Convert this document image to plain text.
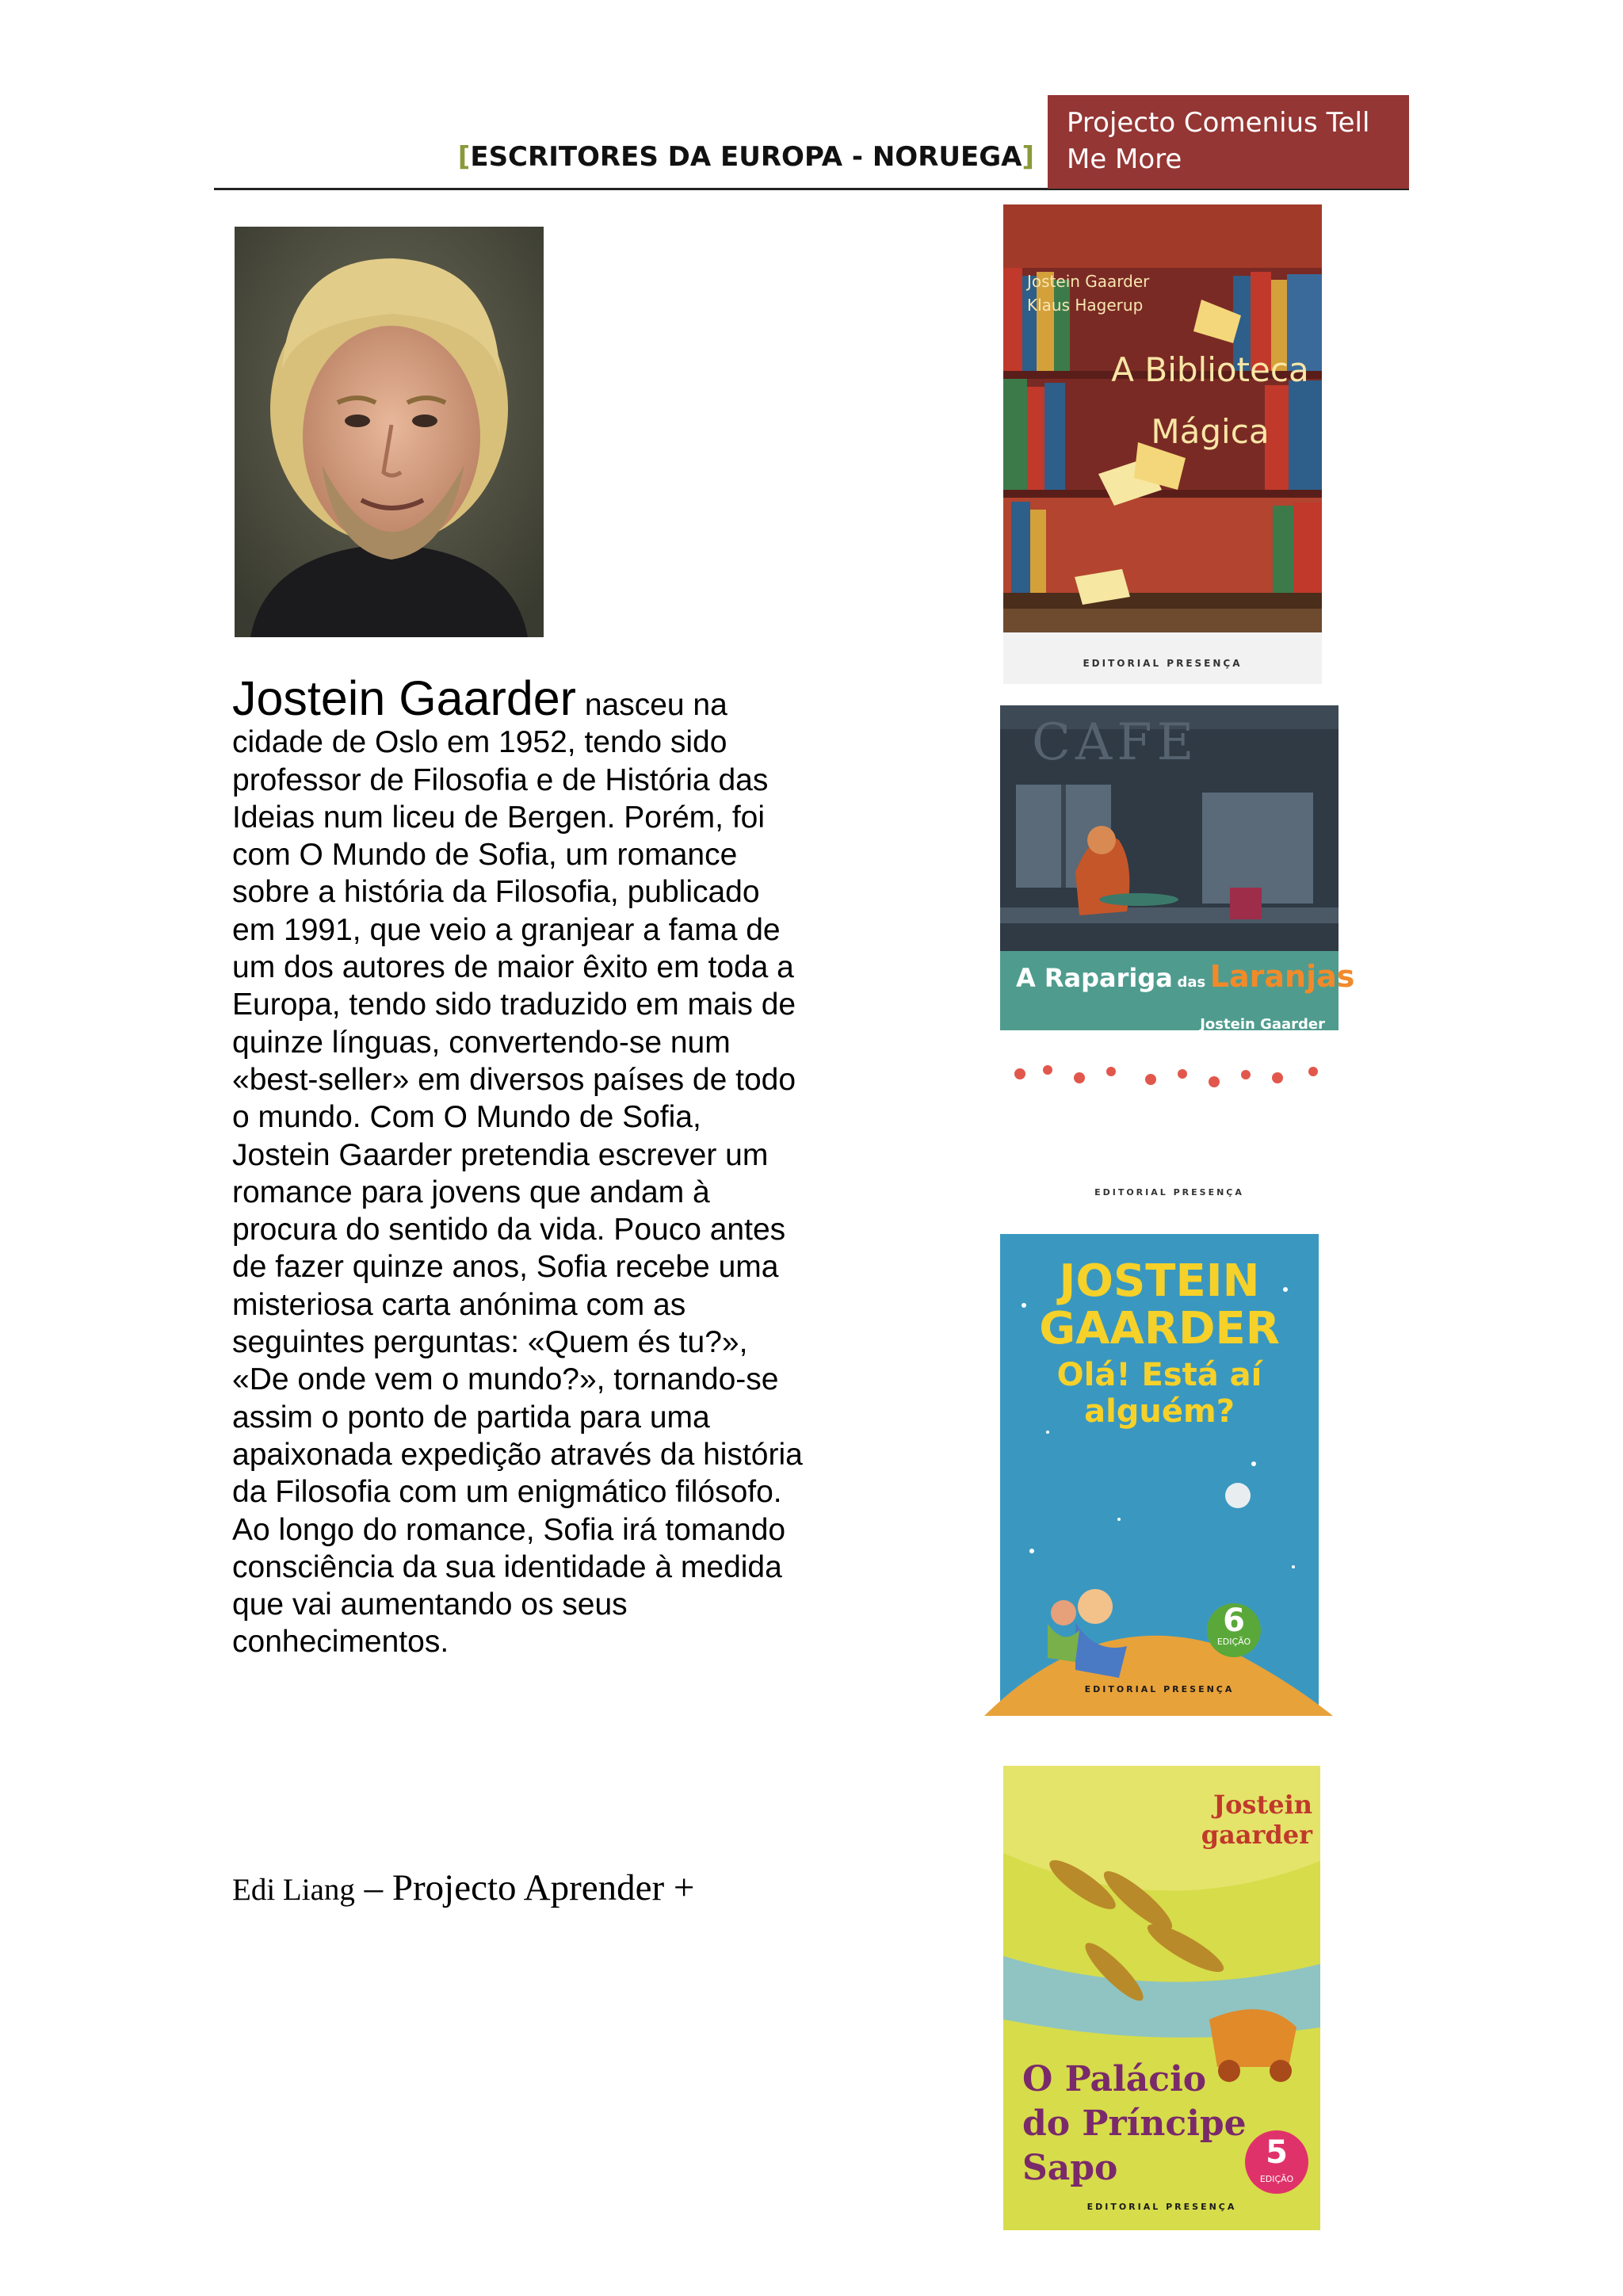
[ESCRITORES DA EUROPA - NORUEGA]
Projecto Comenius Tell Me More
Jostein Gaarder nasceu na cidade de Oslo em 1952, tendo sido professor de Filosofia e de História das Ideias num liceu de Bergen. Porém, foi com O Mundo de Sofia, um romance sobre a história da Filosofia, publicado em 1991, que veio a granjear a fama de um dos autores de maior êxito em toda a Europa, tendo sido traduzido em mais de quinze línguas, convertendo-se num «best-seller» em diversos países de todo o mundo. Com O Mundo de Sofia, Jostein Gaarder pretendia escrever um romance para jovens que andam à procura do sentido da vida. Pouco antes de fazer quinze anos, Sofia recebe uma misteriosa carta anónima com as seguintes perguntas: «Quem és tu?», «De onde vem o mundo?», tornando-se assim o ponto de partida para uma apaixonada expedição através da história da Filosofia com um enigmático filósofo. Ao longo do romance, Sofia irá tomando consciência da sua identidade à medida que vai aumentando os seus conhecimentos.
Edi Liang – Projecto Aprender +
Jostein Gaarder
Klaus Hagerup
A Biblioteca
Mágica
EDITORIAL PRESENÇA
CAFE
A Rapariga das Laranjas
Jostein Gaarder
EDITORIAL PRESENÇA
JOSTEIN
GAARDER
Olá! Está aí
alguém?
6
EDIÇÃO
EDITORIAL PRESENÇA
Jostein
gaarder
O Palácio
do Príncipe
Sapo	5
EDIÇÃO
EDITORIAL PRESENÇA
